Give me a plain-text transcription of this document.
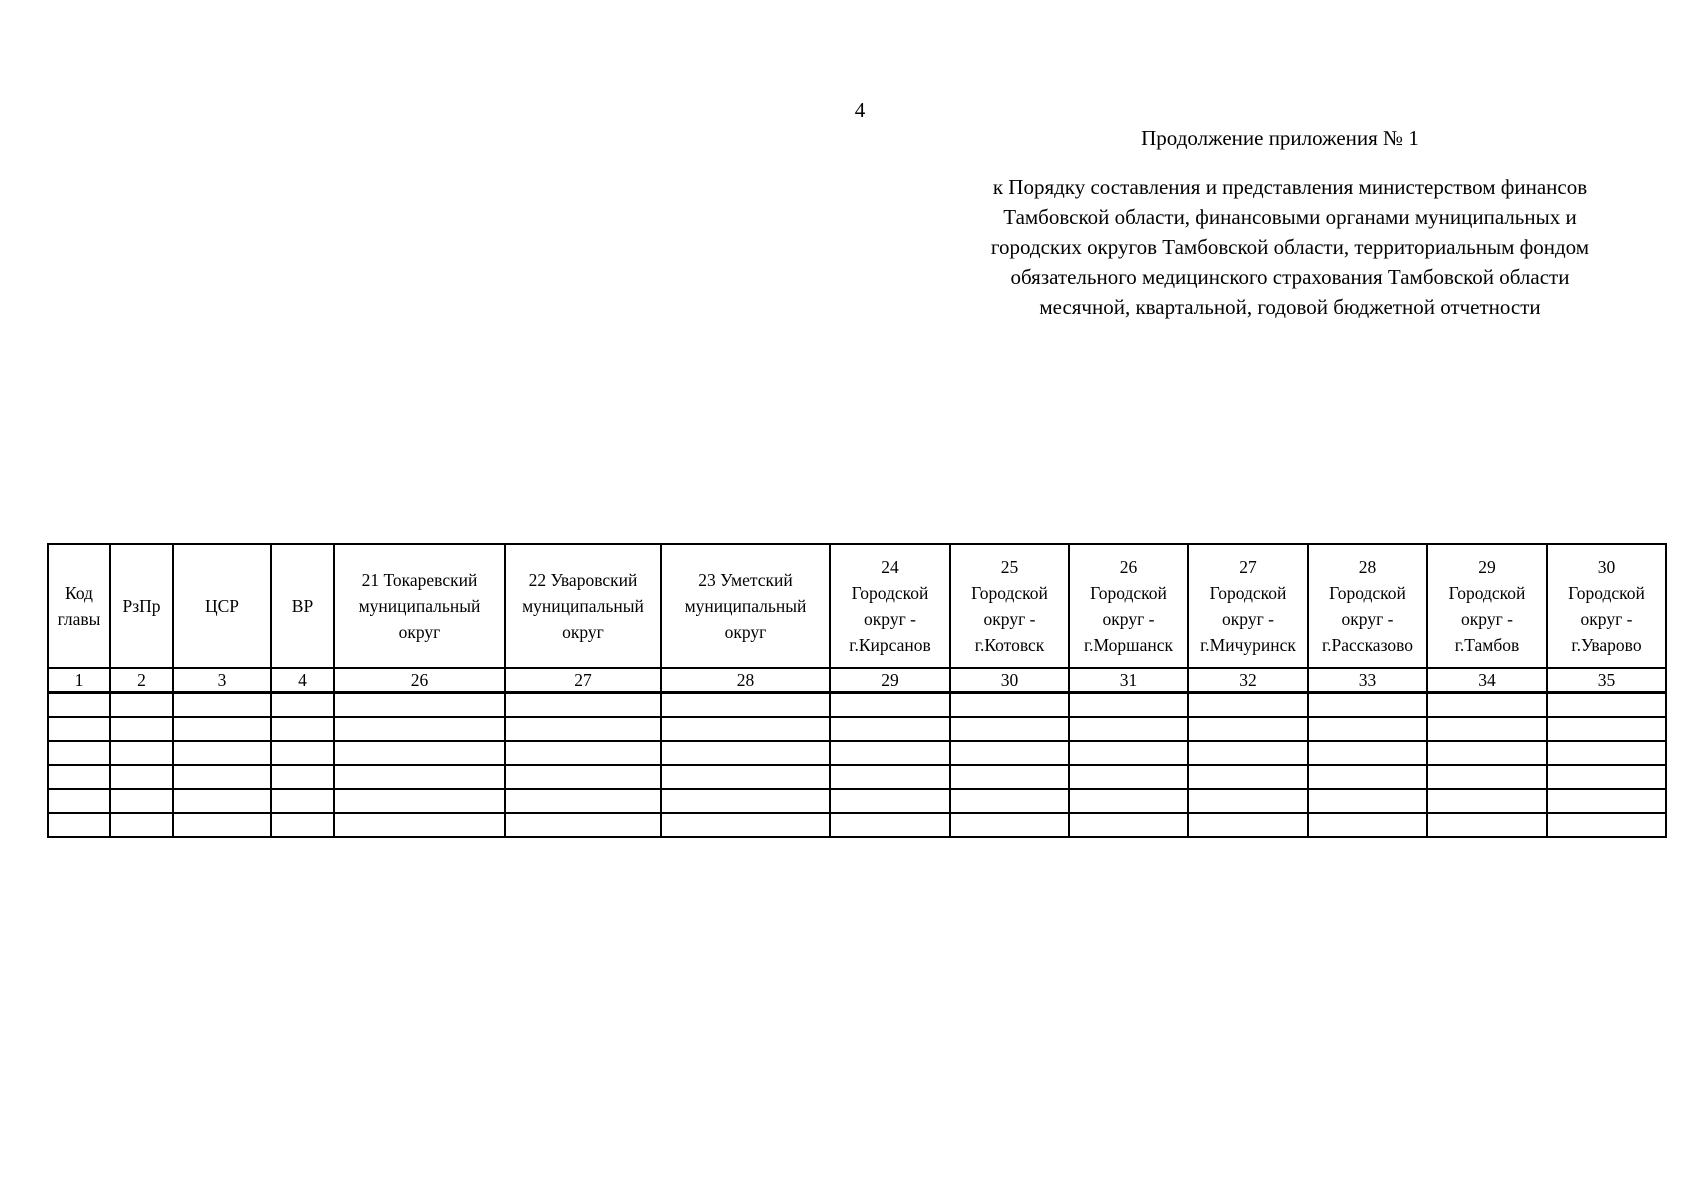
4
Продолжение приложения № 1

к Порядку составления и представления министерством финансов
Тамбовской области, финансовыми органами муниципальных и
городских округов Тамбовской области, территориальным фондом
обязательного медицинского страхования Тамбовской области
месячной, квартальной, годовой бюджетной отчетности

Код
главы	РзПр	ЦСР	ВР	21 Токаревский
муниципальный
округ	22 Уваровский
муниципальный
округ	23 Уметский
муниципальный
округ	24
Городской
округ -
г.Кирсанов	25
Городской
округ -
г.Котовск	26
Городской
округ -
г.Моршанск	27
Городской
округ -
г.Мичуринск	28
Городской
округ -
г.Рассказово	29
Городской
округ -
г.Тамбов	30
Городской
округ -
г.Уварово

1	2	3	4	26	27	28	29	30	31	32	33	34	35
